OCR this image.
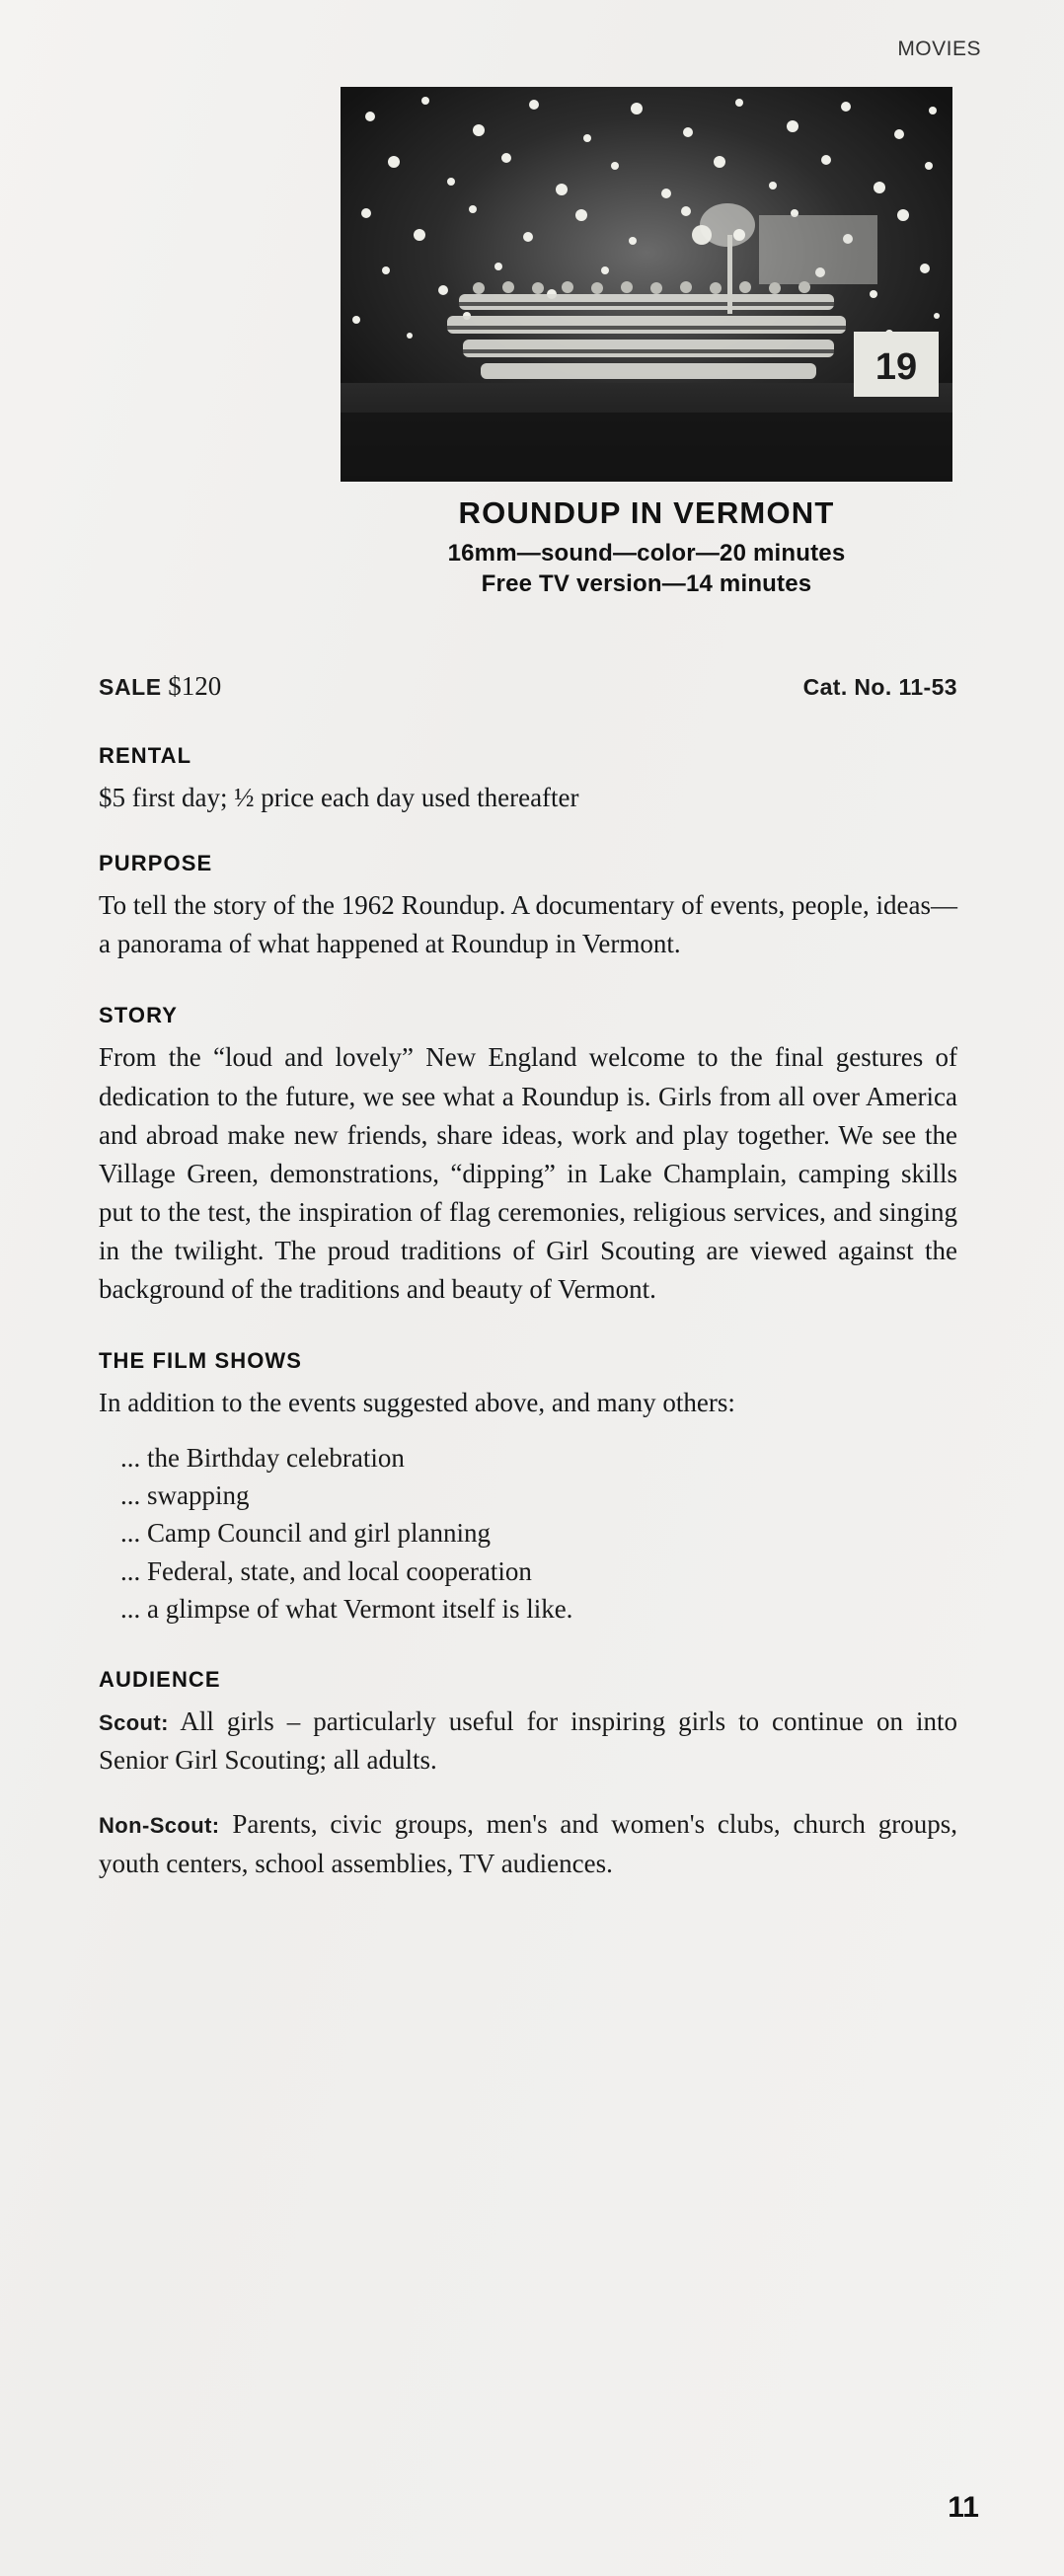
MOVIES
19
ROUNDUP IN VERMONT
16mm—sound—color—20 minutes
Free TV version—14 minutes
SALE $120	Cat. No. 11-53
RENTAL
$5 first day; ½ price each day used thereafter
PURPOSE
To tell the story of the 1962 Roundup. A documentary of events, people, ideas—a panorama of what happened at Roundup in Vermont.
STORY
From the “loud and lovely” New England welcome to the final gestures of dedication to the future, we see what a Roundup is. Girls from all over America and abroad make new friends, share ideas, work and play together. We see the Village Green, demonstrations, “dipping” in Lake Champlain, camping skills put to the test, the inspiration of flag ceremonies, religious services, and singing in the twilight. The proud traditions of Girl Scouting are viewed against the background of the traditions and beauty of Vermont.
THE FILM SHOWS
In addition to the events suggested above, and many others:
... the Birthday celebration
... swapping
... Camp Council and girl planning
... Federal, state, and local cooperation
... a glimpse of what Vermont itself is like.
AUDIENCE
Scout: All girls – particularly useful for inspiring girls to continue on into Senior Girl Scouting; all adults.
Non-Scout: Parents, civic groups, men's and women's clubs, church groups, youth centers, school assemblies, TV audiences.
11
